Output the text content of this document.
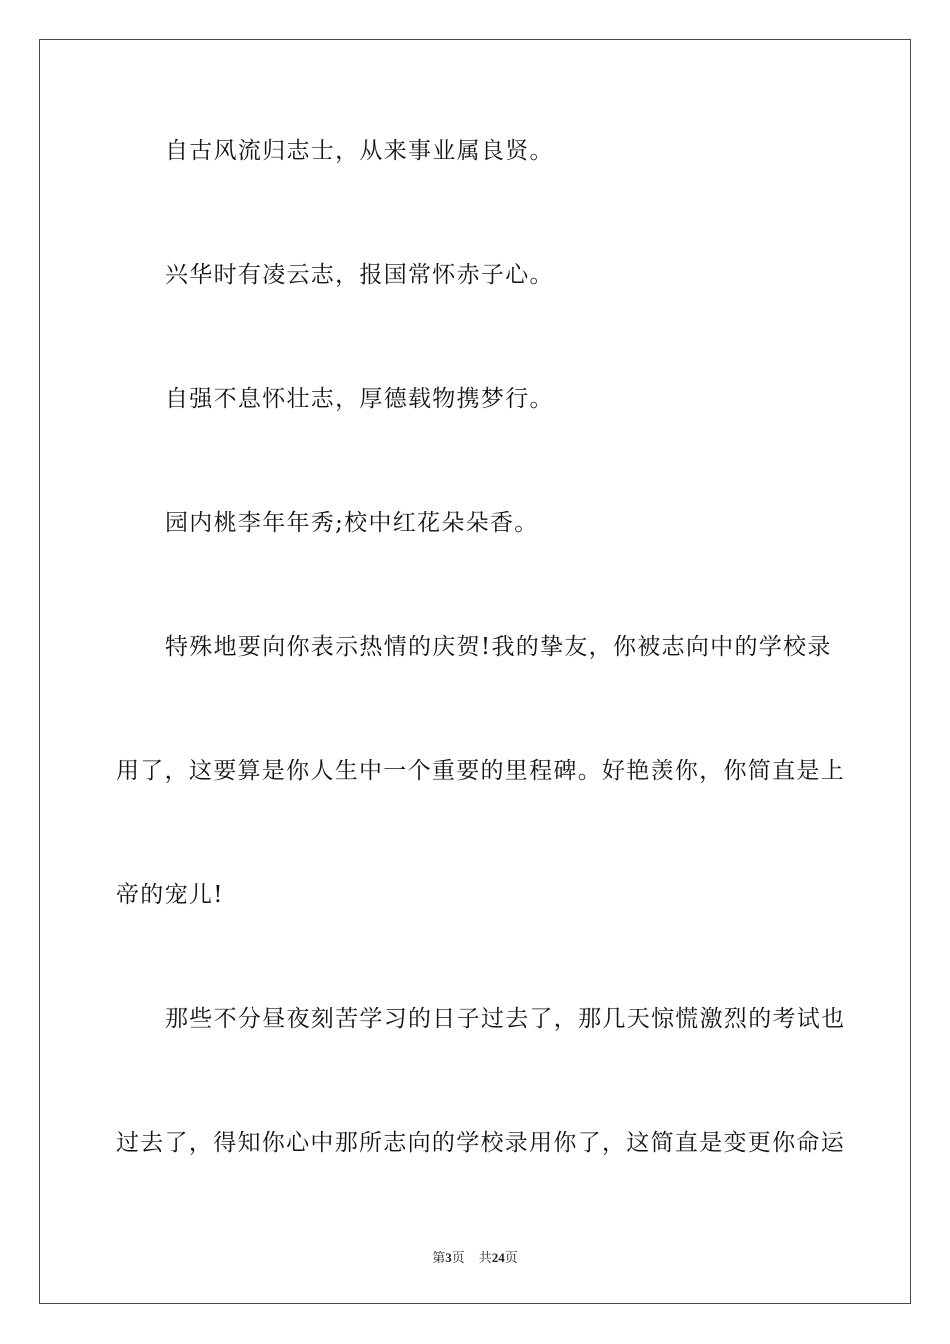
自古风流归志士，从来事业属良贤。
兴华时有凌云志，报国常怀赤子心。
自强不息怀壮志，厚德载物携梦行。
园内桃李年年秀;校中红花朵朵香。
特殊地要向你表示热情的庆贺!我的挚友，你被志向中的学校录
用了，这要算是你人生中一个重要的里程碑。好艳羡你，你简直是上
帝的宠儿!
那些不分昼夜刻苦学习的日子过去了，那几天惊慌激烈的考试也
过去了，得知你心中那所志向的学校录用你了，这简直是变更你命运
第3页 共24页
